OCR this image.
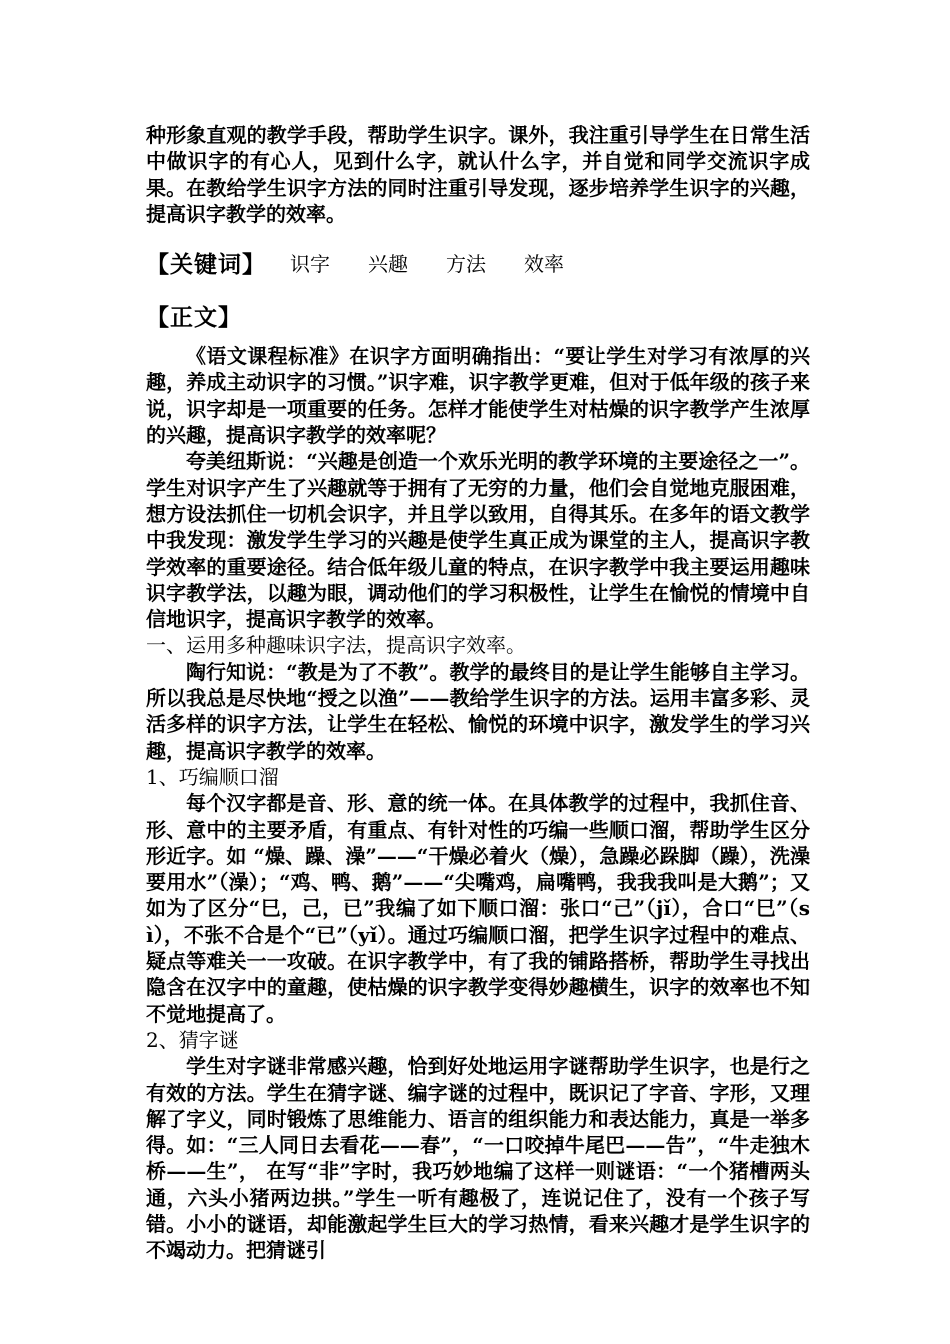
种形象直观的教学手段，帮助学生识字。课外，我注重引导学生在日常生活中做识字的有心人，见到什么字，就认什么字，并自觉和同学交流识字成果。在教给学生识字方法的同时注重引导发现，逐步培养学生识字的兴趣，提高识字教学的效率。

【关键词】 识字 兴趣 方法 效率
【正文】

《语文课程标准》在识字方面明确指出：“要让学生对学习有浓厚的兴趣，养成主动识字的习惯。”识字难，识字教学更难，但对于低年级的孩子来说，识字却是一项重要的任务。怎样才能使学生对枯燥的识字教学产生浓厚的兴趣，提高识字教学的效率呢？

夸美纽斯说：“兴趣是创造一个欢乐光明的教学环境的主要途径之一”。学生对识字产生了兴趣就等于拥有了无穷的力量，他们会自觉地克服困难，想方设法抓住一切机会识字，并且学以致用，自得其乐。在多年的语文教学中我发现：激发学生学习的兴趣是使学生真正成为课堂的主人，提高识字教学效率的重要途径。结合低年级儿童的特点，在识字教学中我主要运用趣味识字教学法，以趣为眼，调动他们的学习积极性，让学生在愉悦的情境中自信地识字，提高识字教学的效率。

一、运用多种趣味识字法，提高识字效率。

陶行知说：“教是为了不教”。教学的最终目的是让学生能够自主学习。所以我总是尽快地“授之以渔”——教给学生识字的方法。运用丰富多彩、灵活多样的识字方法，让学生在轻松、愉悦的环境中识字，激发学生的学习兴趣，提高识字教学的效率。

1、巧编顺口溜

每个汉字都是音、形、意的统一体。在具体教学的过程中，我抓住音、形、意中的主要矛盾，有重点、有针对性的巧编一些顺口溜，帮助学生区分形近字。如 “燥、躁、澡”——“干燥必着火（燥），急躁必跺脚（躁），洗澡要用水”（澡）；“鸡、鸭、鹅”——“尖嘴鸡，扁嘴鸭，我我我叫是大鹅”；又如为了区分“巳，己，已”我编了如下顺口溜：张口“己”（jǐ），合口“巳”（sì），不张不合是个“已”（yǐ）。通过巧编顺口溜，把学生识字过程中的难点、疑点等难关一一攻破。在识字教学中，有了我的铺路搭桥，帮助学生寻找出隐含在汉字中的童趣，使枯燥的识字教学变得妙趣横生，识字的效率也不知不觉地提高了。

2、猜字谜

学生对字谜非常感兴趣，恰到好处地运用字谜帮助学生识字，也是行之有效的方法。学生在猜字谜、编字谜的过程中，既识记了字音、字形，又理解了字义，同时锻炼了思维能力、语言的组织能力和表达能力，真是一举多得。如：“三人同日去看花——春”，“一口咬掉牛尾巴——告”，“牛走独木桥——生”， 在写“非”字时，我巧妙地编了这样一则谜语：“一个猪槽两头通，六头小猪两边拱。”学生一听有趣极了，连说记住了，没有一个孩子写错。小小的谜语，却能激起学生巨大的学习热情，看来兴趣才是学生识字的不竭动力。把猜谜引
